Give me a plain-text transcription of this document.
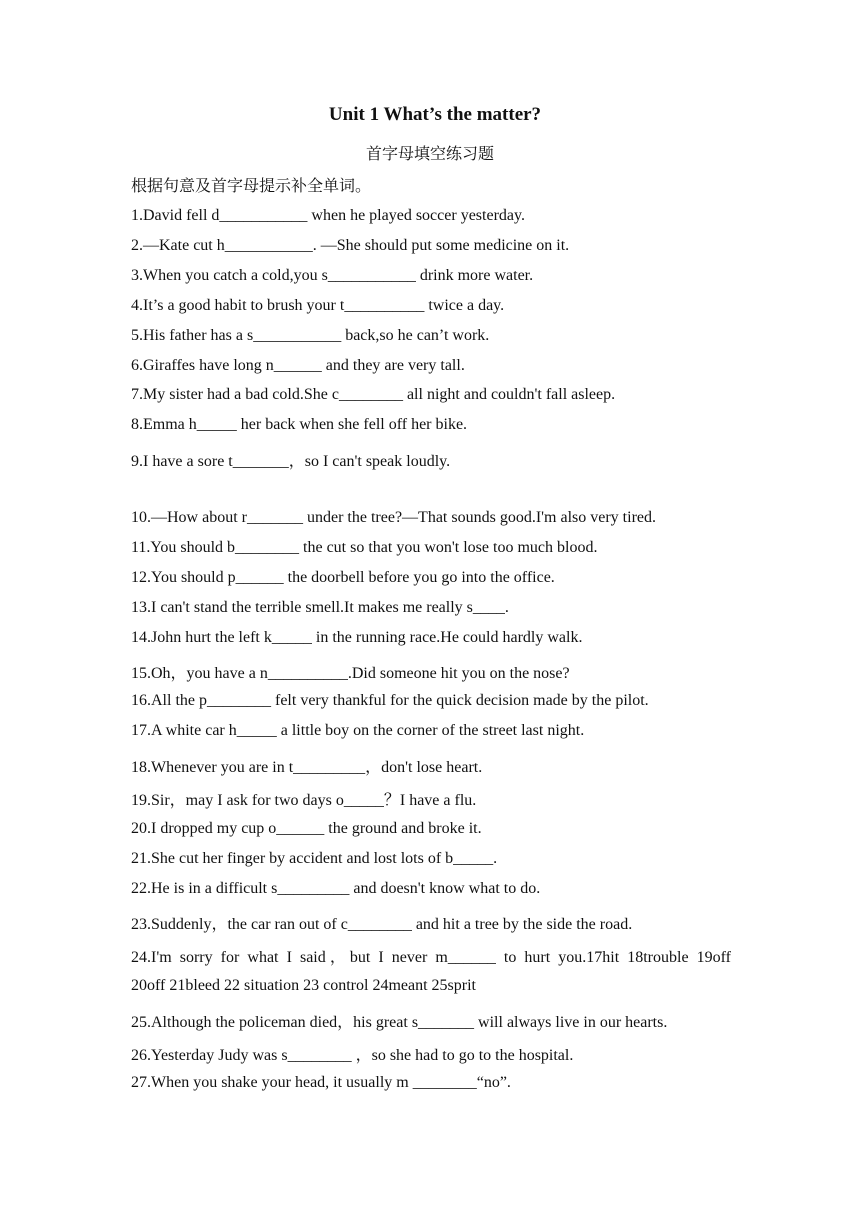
Unit 1 What’s the matter?
首字母填空练习题
根据句意及首字母提示补全单词。
1.David fell d___________ when he played soccer yesterday.
2.—Kate cut h___________. —She should put some medicine on it.
3.When you catch a cold,you s___________ drink more water.
4.It’s a good habit to brush your t__________ twice a day.
5.His father has a s___________ back,so he can’t work.
6.Giraffes have long n______ and they are very tall.
7.My sister had a bad cold.She c________ all night and couldn't fall asleep.
8.Emma h_____ her back when she fell off her bike.
9.I have a sore t_______，so I can't speak loudly.
10.—How about r_______ under the tree?—That sounds good.I'm also very tired.
11.You should b________ the cut so that you won't lose too much blood.
12.You should p______ the doorbell before you go into the office.
13.I can't stand the terrible smell.It makes me really s____.
14.John hurt the left k_____ in the running race.He could hardly walk.
15.Oh，you have a n__________.Did someone hit you on the nose?
16.All the p________ felt very thankful for the quick decision made by the pilot.
17.A white car h_____ a little boy on the corner of the street last night.
18.Whenever you are in t_________，don't lose heart.
19.Sir，may I ask for two days o_____？I have a flu.
20.I dropped my cup o______ the ground and broke it.
21.She cut her finger by accident and lost lots of b_____.
22.He is in a difficult s_________ and doesn't know what to do.
23.Suddenly，the car ran out of c________ and hit a tree by the side the road.
24.I'm sorry for what I said，but I never m______ to hurt you.17hit 18trouble 19off
20off 21bleed 22 situation 23 control 24meant 25sprit
25.Although the policeman died，his great s_______ will always live in our hearts.
26.Yesterday Judy was s________ ，so she had to go to the hospital.
27.When you shake your head, it usually m ________“no”.
